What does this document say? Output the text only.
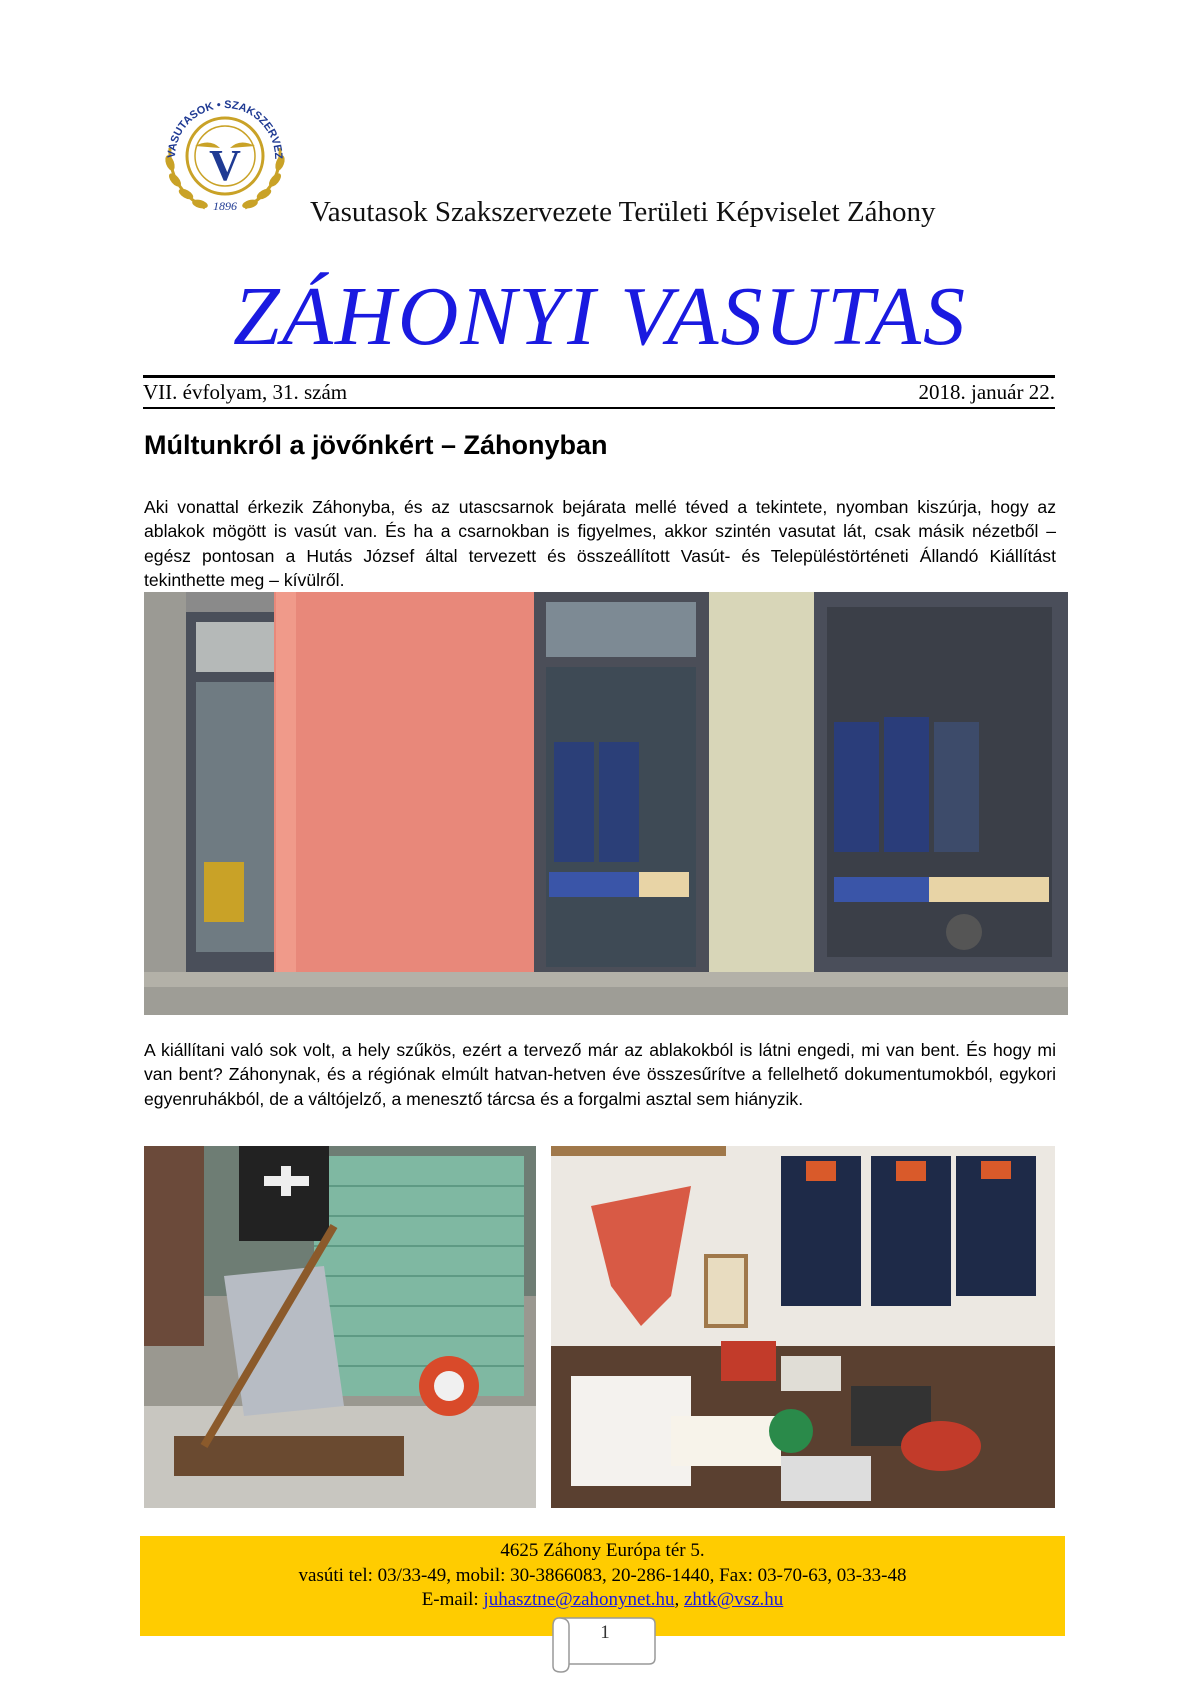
VASUTASOK • SZAKSZERVEZ
V
1896	Vasutasok Szakszervezete Területi Képviselet Záhony
ZÁHONYI VASUTAS
VII. évfolyam, 31. szám	2018. január 22.
Múltunkról a jövőnkért – Záhonyban

Aki vonattal érkezik Záhonyba, és az utascsarnok bejárata mellé téved a tekintete, nyomban kiszúrja, hogy az ablakok mögött is vasút van. És ha a csarnokban is figyelmes, akkor szintén vasutat lát, csak másik nézetből – egész pontosan a Hutás József által tervezett és összeállított Vasút- és Településtörténeti Állandó Kiállítást tekinthette meg – kívülről.

A kiállítani való sok volt, a hely szűkös, ezért a tervező már az ablakokból is látni engedi, mi van bent. És hogy mi van bent? Záhonynak, és a régiónak elmúlt hatvan-hetven éve összesűrítve a fellelhető dokumentumokból, egykori egyenruhákból, de a váltójelző, a menesztő tárcsa és a forgalmi asztal sem hiányzik.

4625 Záhony Európa tér 5.
vasúti tel: 03/33-49, mobil: 30-3866083, 20-286-1440, Fax: 03-70-63, 03-33-48
E-mail: juhasztne@zahonynet.hu, zhtk@vsz.hu
1
